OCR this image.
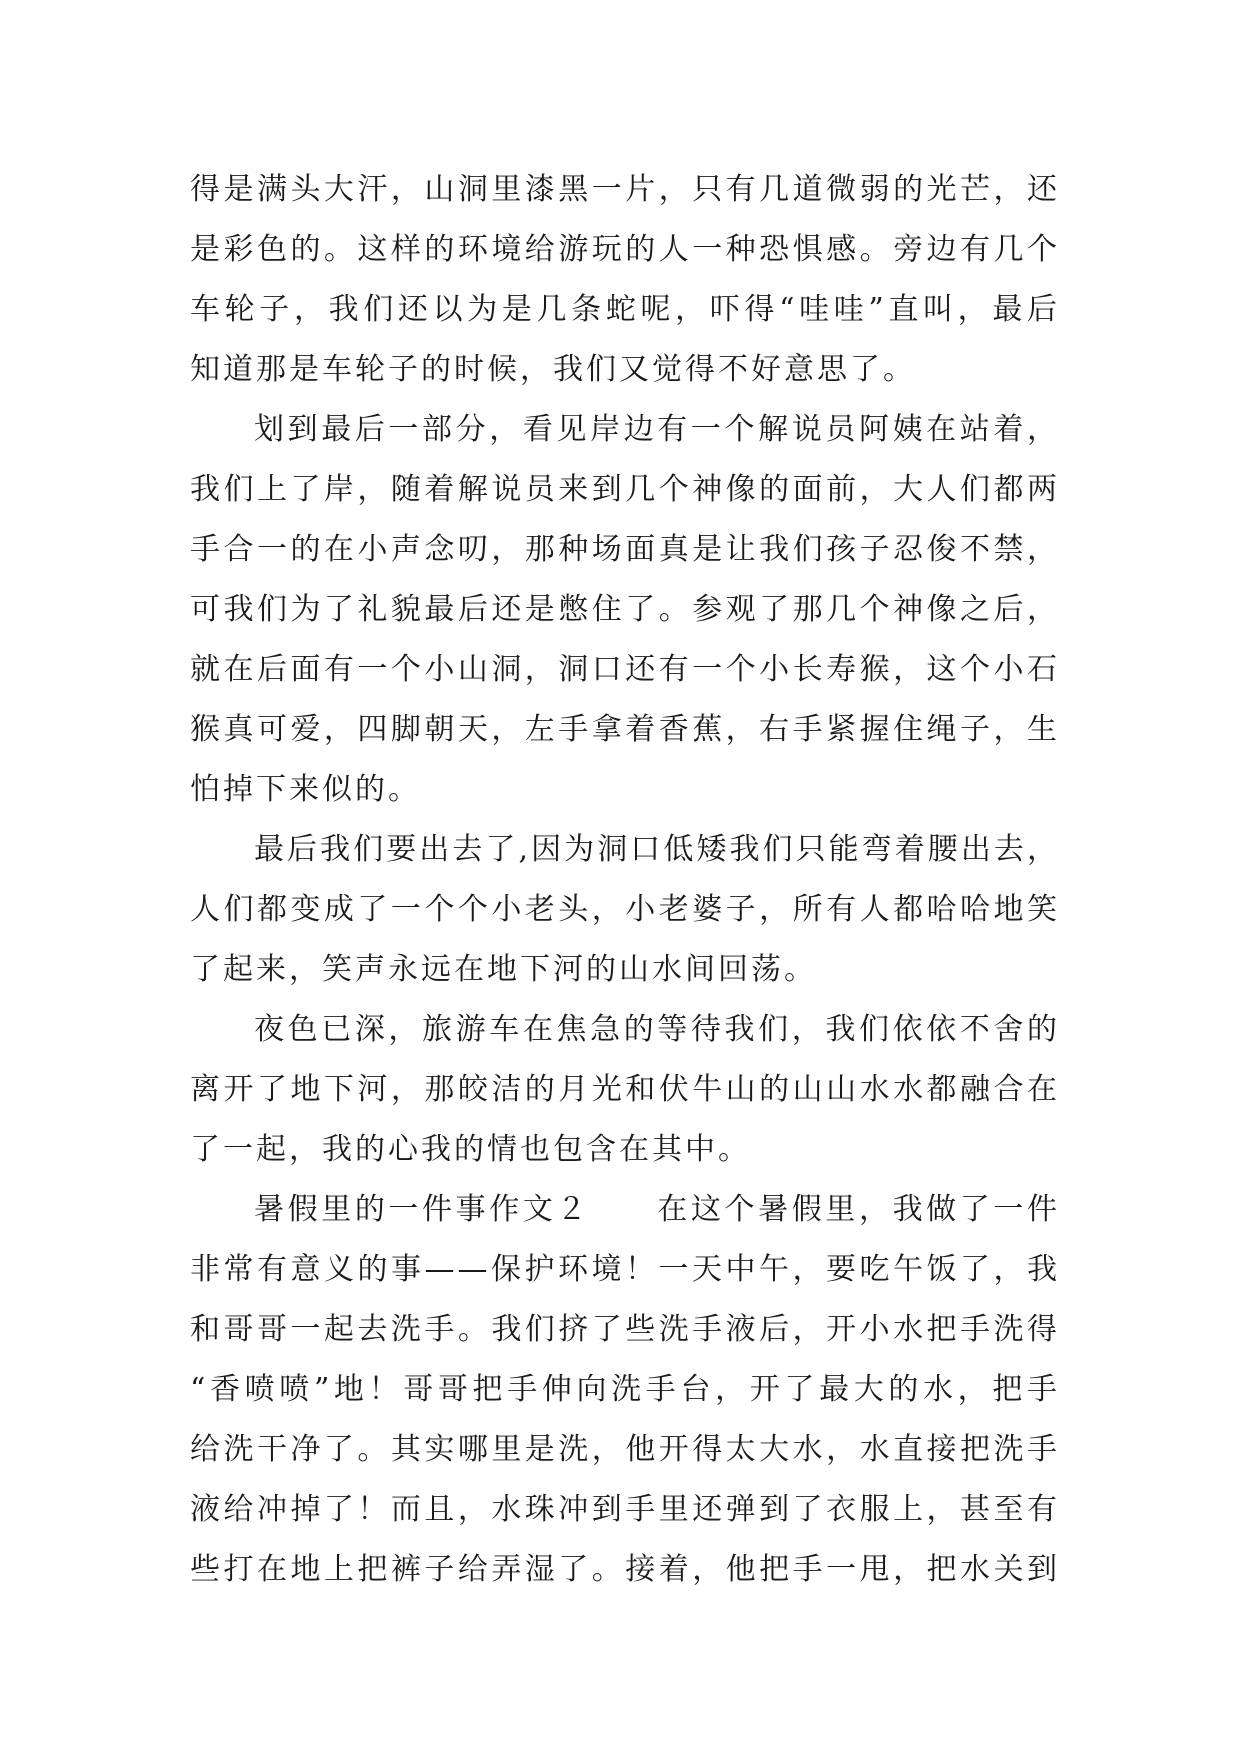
得是满头大汗，山洞里漆黑一片，只有几道微弱的光芒，还
是彩色的。这样的环境给游玩的人一种恐惧感。旁边有几个
车轮子，我们还以为是几条蛇呢，吓得“哇哇”直叫，最后
知道那是车轮子的时候，我们又觉得不好意思了。
划到最后一部分，看见岸边有一个解说员阿姨在站着，
我们上了岸，随着解说员来到几个神像的面前，大人们都两
手合一的在小声念叨，那种场面真是让我们孩子忍俊不禁，
可我们为了礼貌最后还是憋住了。参观了那几个神像之后，
就在后面有一个小山洞，洞口还有一个小长寿猴，这个小石
猴真可爱，四脚朝天，左手拿着香蕉，右手紧握住绳子，生
怕掉下来似的。
最后我们要出去了,因为洞口低矮我们只能弯着腰出去，
人们都变成了一个个小老头，小老婆子，所有人都哈哈地笑
了起来，笑声永远在地下河的山水间回荡。
夜色已深，旅游车在焦急的等待我们，我们依依不舍的
离开了地下河，那皎洁的月光和伏牛山的山山水水都融合在
了一起，我的心我的情也包含在其中。
暑假里的一件事作文２　　在这个暑假里，我做了一件
非常有意义的事——保护环境！一天中午，要吃午饭了，我
和哥哥一起去洗手。我们挤了些洗手液后，开小水把手洗得
“香喷喷”地！哥哥把手伸向洗手台，开了最大的水，把手
给洗干净了。其实哪里是洗，他开得太大水，水直接把洗手
液给冲掉了！而且，水珠冲到手里还弹到了衣服上，甚至有
些打在地上把裤子给弄湿了。接着，他把手一甩，把水关到
